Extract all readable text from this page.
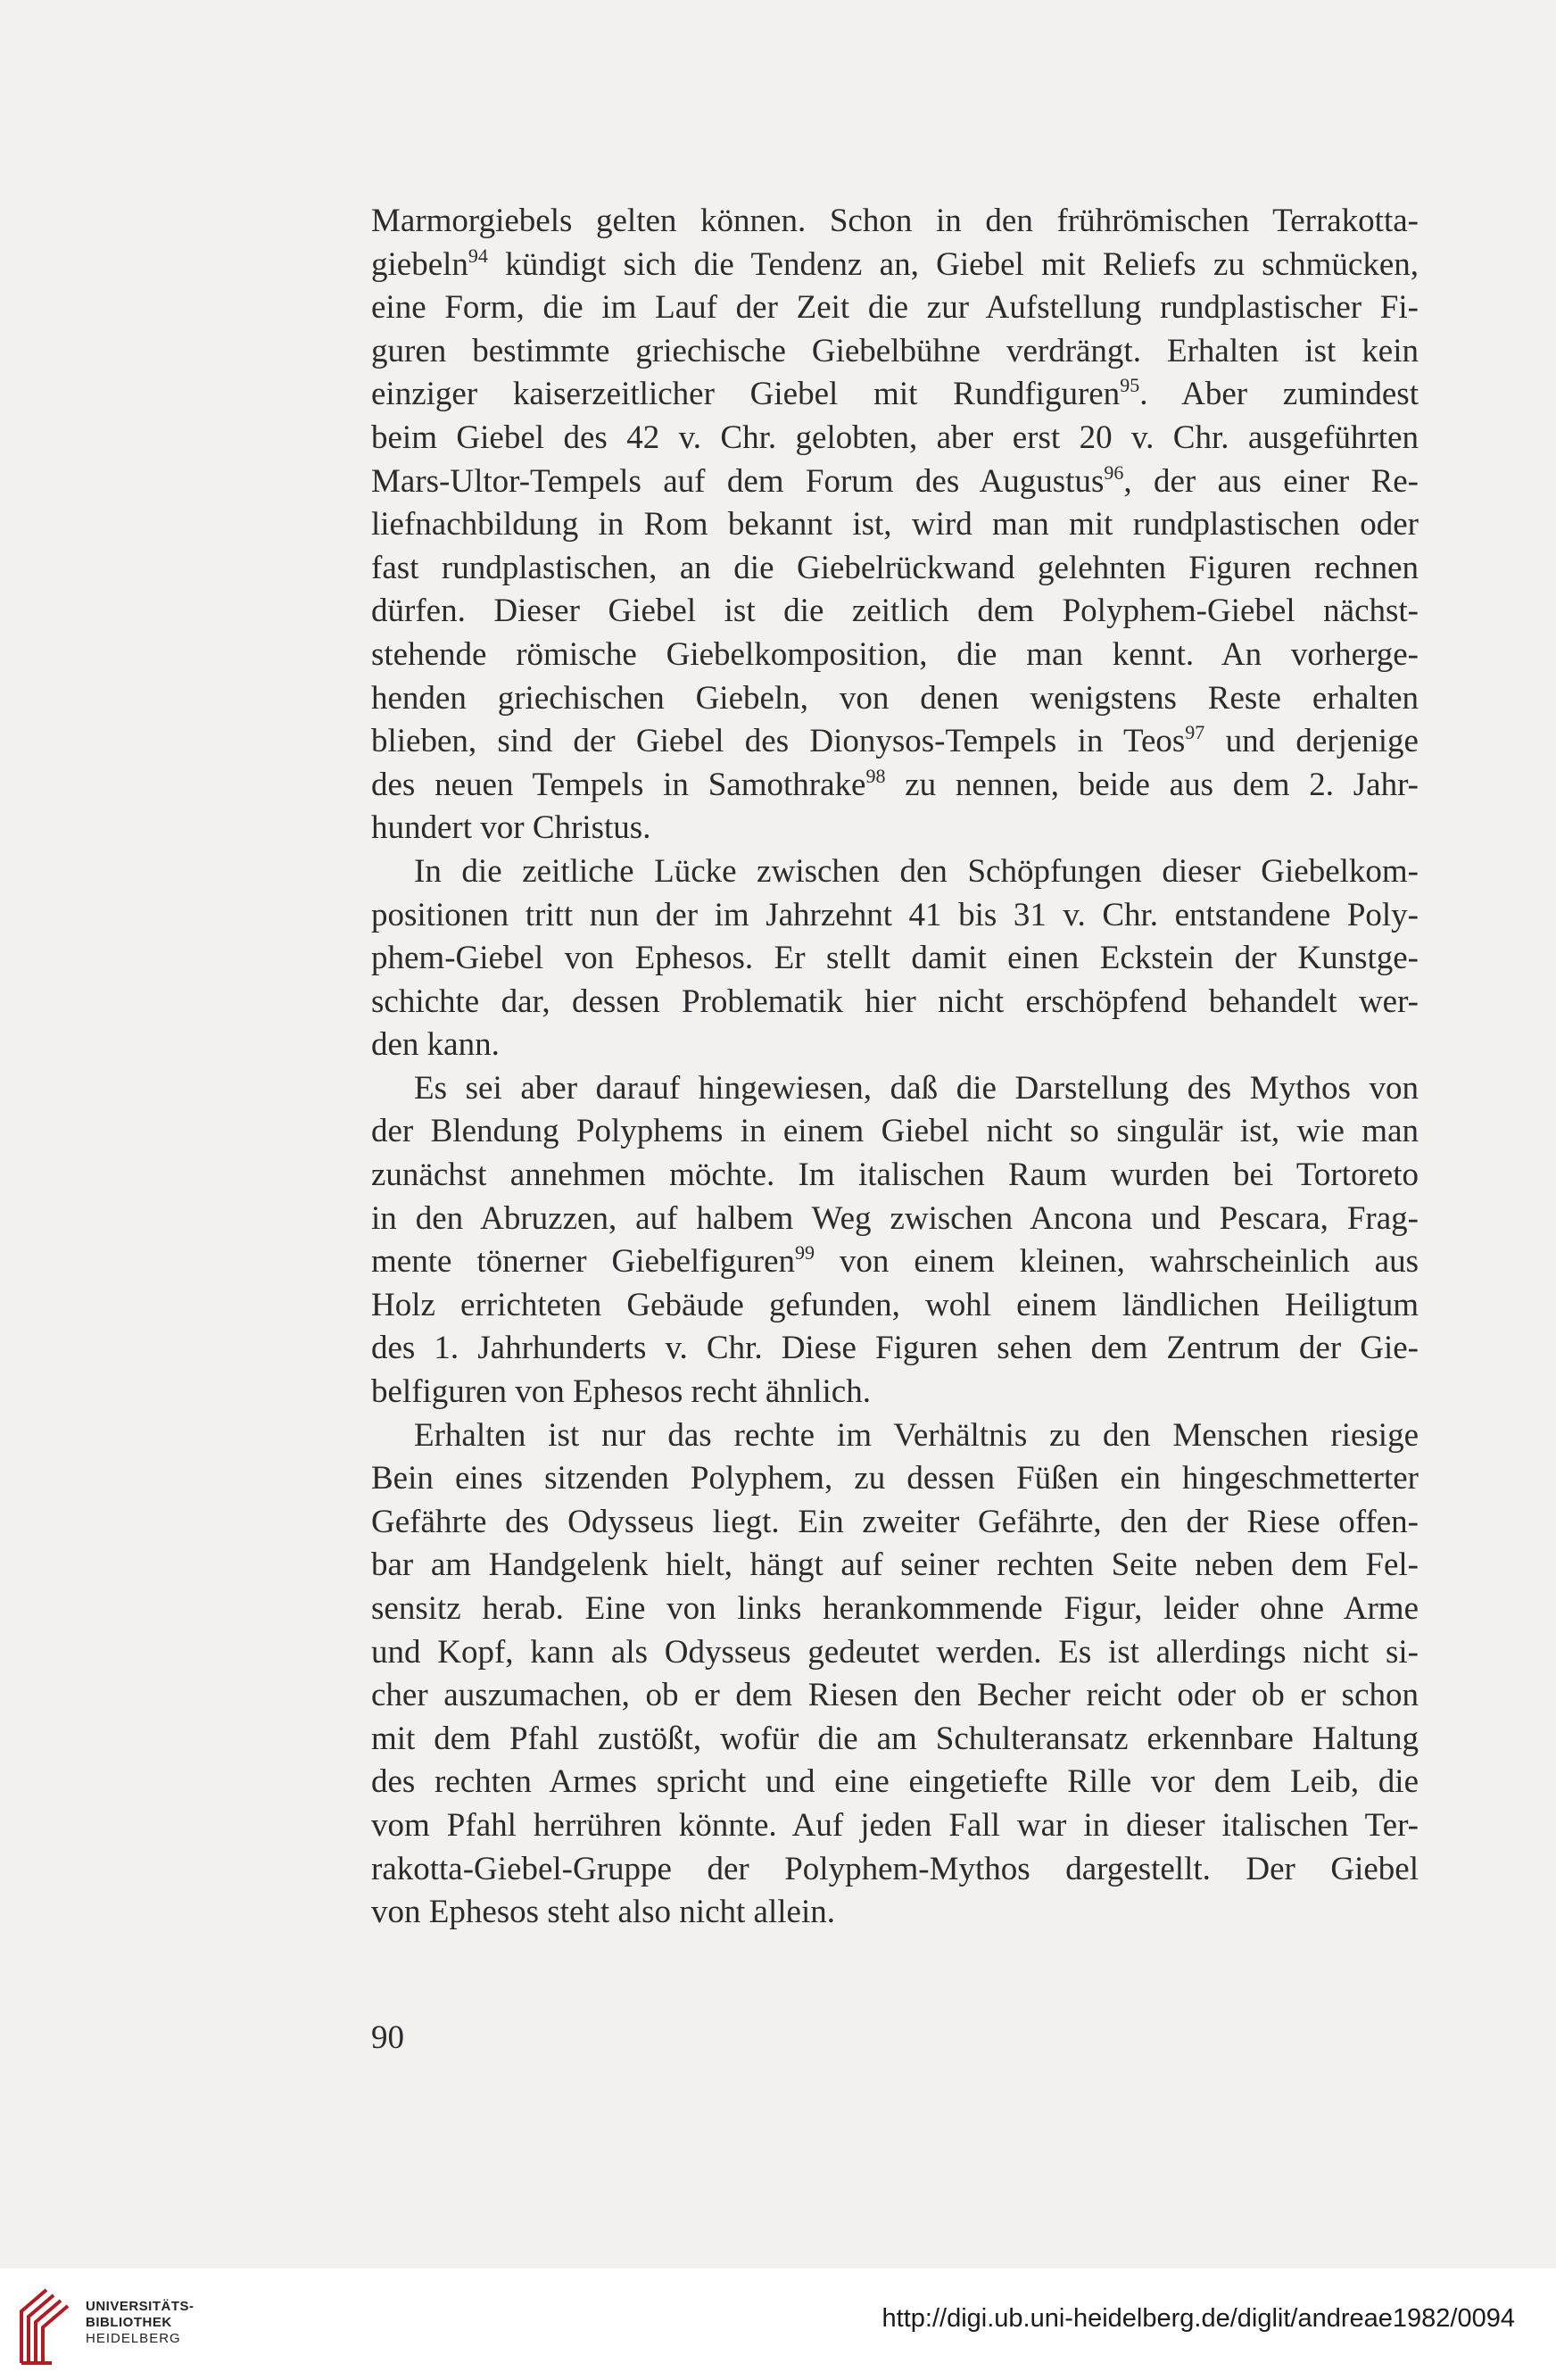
Marmorgiebels gelten können. Schon in den frührömischen Terrakotta-
giebeln$^{94}$ kündigt sich die Tendenz an, Giebel mit Reliefs zu schmücken,
eine Form, die im Lauf der Zeit die zur Aufstellung rundplastischer Fi-
guren bestimmte griechische Giebelbühne verdrängt. Erhalten ist kein
einziger kaiserzeitlicher Giebel mit Rundfiguren$^{95}$. Aber zumindest
beim Giebel des 42 v. Chr. gelobten, aber erst 20 v. Chr. ausgeführten
Mars-Ultor-Tempels auf dem Forum des Augustus$^{96}$, der aus einer Re-
liefnachbildung in Rom bekannt ist, wird man mit rundplastischen oder
fast rundplastischen, an die Giebelrückwand gelehnten Figuren rechnen
dürfen. Dieser Giebel ist die zeitlich dem Polyphem-Giebel nächst-
stehende römische Giebelkomposition, die man kennt. An vorherge-
henden griechischen Giebeln, von denen wenigstens Reste erhalten
blieben, sind der Giebel des Dionysos-Tempels in Teos$^{97}$ und derjenige
des neuen Tempels in Samothrake$^{98}$ zu nennen, beide aus dem 2. Jahr-
hundert vor Christus.
In die zeitliche Lücke zwischen den Schöpfungen dieser Giebelkom-
positionen tritt nun der im Jahrzehnt 41 bis 31 v. Chr. entstandene Poly-
phem-Giebel von Ephesos. Er stellt damit einen Eckstein der Kunstge-
schichte dar, dessen Problematik hier nicht erschöpfend behandelt wer-
den kann.
Es sei aber darauf hingewiesen, daß die Darstellung des Mythos von
der Blendung Polyphems in einem Giebel nicht so singulär ist, wie man
zunächst annehmen möchte. Im italischen Raum wurden bei Tortoreto
in den Abruzzen, auf halbem Weg zwischen Ancona und Pescara, Frag-
mente tönerner Giebelfiguren$^{99}$ von einem kleinen, wahrscheinlich aus
Holz errichteten Gebäude gefunden, wohl einem ländlichen Heiligtum
des 1. Jahrhunderts v. Chr. Diese Figuren sehen dem Zentrum der Gie-
belfiguren von Ephesos recht ähnlich.
Erhalten ist nur das rechte im Verhältnis zu den Menschen riesige
Bein eines sitzenden Polyphem, zu dessen Füßen ein hingeschmetterter
Gefährte des Odysseus liegt. Ein zweiter Gefährte, den der Riese offen-
bar am Handgelenk hielt, hängt auf seiner rechten Seite neben dem Fel-
sensitz herab. Eine von links herankommende Figur, leider ohne Arme
und Kopf, kann als Odysseus gedeutet werden. Es ist allerdings nicht si-
cher auszumachen, ob er dem Riesen den Becher reicht oder ob er schon
mit dem Pfahl zustößt, wofür die am Schulteransatz erkennbare Haltung
des rechten Armes spricht und eine eingetiefte Rille vor dem Leib, die
vom Pfahl herrühren könnte. Auf jeden Fall war in dieser italischen Ter-
rakotta-Giebel-Gruppe der Polyphem-Mythos dargestellt. Der Giebel
von Ephesos steht also nicht allein.
90
UNIVERSITÄTS-
BIBLIOTHEK
HEIDELBERG
http://digi.ub.uni-heidelberg.de/diglit/andreae1982/0094
